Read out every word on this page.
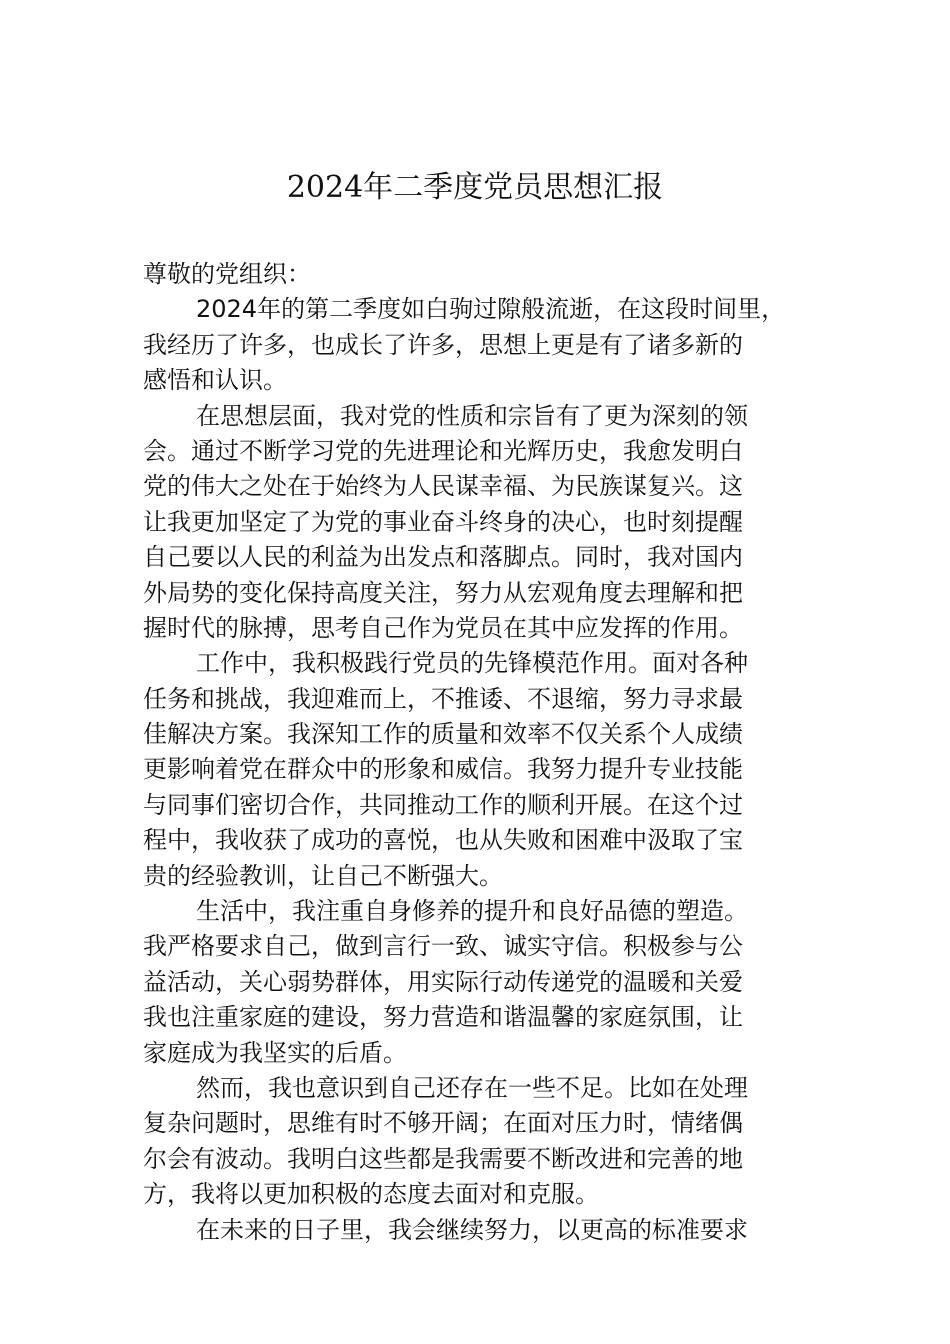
2024年二季度党员思想汇报
尊敬的党组织：
2024年的第二季度如白驹过隙般流逝，在这段时间里，
我经历了许多，也成长了许多，思想上更是有了诸多新的
感悟和认识。
在思想层面，我对党的性质和宗旨有了更为深刻的领
会。通过不断学习党的先进理论和光辉历史，我愈发明白
党的伟大之处在于始终为人民谋幸福、为民族谋复兴。这
让我更加坚定了为党的事业奋斗终身的决心，也时刻提醒
自己要以人民的利益为出发点和落脚点。同时，我对国内
外局势的变化保持高度关注，努力从宏观角度去理解和把
握时代的脉搏，思考自己作为党员在其中应发挥的作用。
工作中，我积极践行党员的先锋模范作用。面对各种
任务和挑战，我迎难而上，不推诿、不退缩，努力寻求最
佳解决方案。我深知工作的质量和效率不仅关系个人成绩
更影响着党在群众中的形象和威信。我努力提升专业技能
与同事们密切合作，共同推动工作的顺利开展。在这个过
程中，我收获了成功的喜悦，也从失败和困难中汲取了宝
贵的经验教训，让自己不断强大。
生活中，我注重自身修养的提升和良好品德的塑造。
我严格要求自己，做到言行一致、诚实守信。积极参与公
益活动，关心弱势群体，用实际行动传递党的温暖和关爱
我也注重家庭的建设，努力营造和谐温馨的家庭氛围，让
家庭成为我坚实的后盾。
然而，我也意识到自己还存在一些不足。比如在处理
复杂问题时，思维有时不够开阔；在面对压力时，情绪偶
尔会有波动。我明白这些都是我需要不断改进和完善的地
方，我将以更加积极的态度去面对和克服。
在未来的日子里，我会继续努力，以更高的标准要求
